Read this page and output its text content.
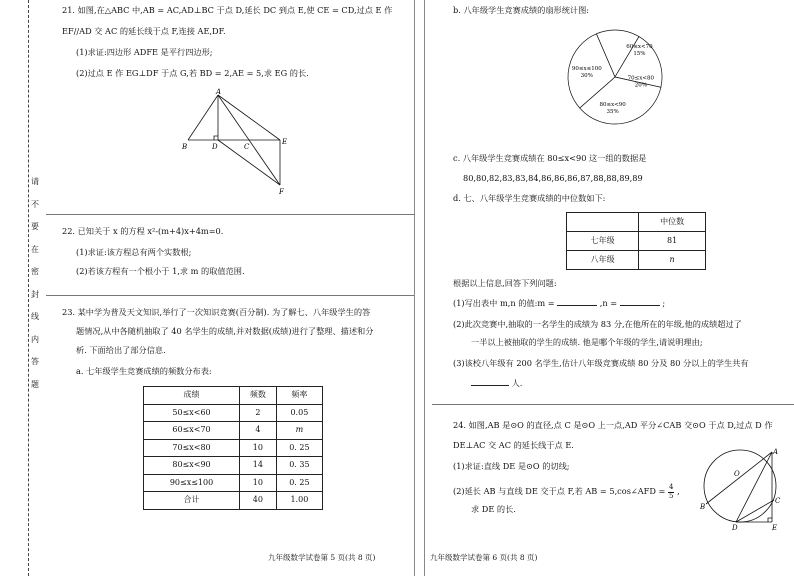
请
不
要
在
密
封
线
内
答
题
21. 如图,在△ABC 中,AB = AC,AD⊥BC 于点 D,延长 DC 到点 E,使 CE = CD,过点 E 作
EF//AD 交 AC 的延长线于点 F,连接 AE,DF.
(1)求证:四边形 ADFE 是平行四边形;
(2)过点 E 作 EG⊥DF 于点 G,若 BD = 2,AE = 5,求 EG 的长.
A
B	D	C
E
F
22. 已知关于 x 的方程 x²-(m+4)x+4m=0.
(1)求证:该方程总有两个实数根;
(2)若该方程有一个根小于 1,求 m 的取值范围.
23. 某中学为普及天文知识,举行了一次知识竞赛(百分制). 为了解七、八年级学生的答
题情况,从中各随机抽取了 40 名学生的成绩,并对数据(成绩)进行了整理、描述和分
析. 下面给出了部分信息.
a. 七年级学生竞赛成绩的频数分布表:
成绩	频数	频率
50≤x<60	2	0.05
60≤x<70	4	m
70≤x<80	10	0. 25
80≤x<90	14	0. 35
90≤x≤100	10	0. 25
合计	40	1.00
九年级数学试卷第 5 页(共 8 页)
b. 八年级学生竞赛成绩的扇形统计图:
60≤x<70
15%
70≤x<80
20%
80≤x<90
35%
90≤x≤100
30%
c. 八年级学生竞赛成绩在 80≤x<90 这一组的数据是
80,80,82,83,83,84,86,86,86,87,88,88,89,89
d. 七、八年级学生竞赛成绩的中位数如下:
	中位数
七年级	81
八年级	n
根据以上信息,回答下列问题:
(1)写出表中 m,n 的值:m =	,n =	;
(2)此次竞赛中,抽取的一名学生的成绩为 83 分,在他所在的年级,他的成绩超过了
一半以上被抽取的学生的成绩. 他是哪个年级的学生,请说明理由;
(3)该校八年级有 200 名学生,估计八年级竞赛成绩 80 分及 80 分以上的学生共有
人.
24. 如图,AB 是⊙O 的直径,点 C 是⊙O 上一点,AD 平分∠CAB 交⊙O 于点 D,过点 D 作
DE⊥AC 交 AC 的延长线于点 E.
(1)求证:直线 DE 是⊙O 的切线;
(2)延长 AB 与直线 DE 交于点 F,若 AB = 5,cos∠AFD = $\frac{4}{5}$ ,
求 DE 的长.
A
B
C
D	E
O
九年级数学试卷第 6 页(共 8 页)
